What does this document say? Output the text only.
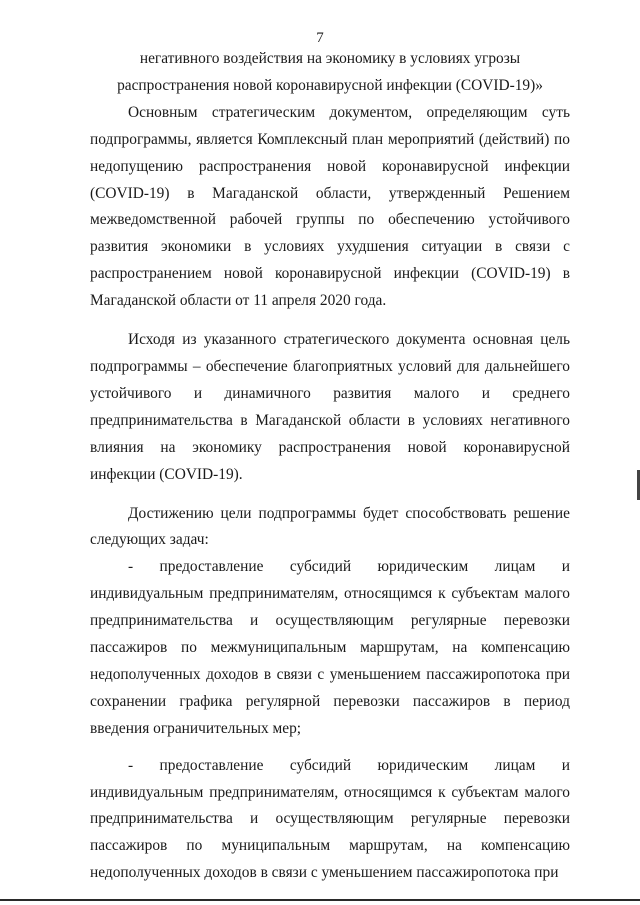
7
негативного воздействия на экономику в условиях угрозы
распространения новой коронавирусной инфекции (COVID-19)»

Основным стратегическим документом, определяющим суть подпрограммы, является Комплексный план мероприятий (действий) по недопущению распространения новой коронавирусной инфекции (COVID-19) в Магаданской области, утвержденный Решением межведомственной рабочей группы по обеспечению устойчивого развития экономики в условиях ухудшения ситуации в связи с распространением новой коронавирусной инфекции (COVID-19) в Магаданской области от 11 апреля 2020 года.

Исходя из указанного стратегического документа основная цель подпрограммы – обеспечение благоприятных условий для дальнейшего устойчивого и динамичного развития малого и среднего предпринимательства в Магаданской области в условиях негативного влияния на экономику распространения новой коронавирусной инфекции (COVID-19).

Достижению цели подпрограммы будет способствовать решение следующих задач:

- предоставление субсидий юридическим лицам и индивидуальным предпринимателям, относящимся к субъектам малого предпринимательства и осуществляющим регулярные перевозки пассажиров по межмуниципальным маршрутам, на компенсацию недополученных доходов в связи с уменьшением пассажиропотока при сохранении графика регулярной перевозки пассажиров в период введения ограничительных мер;

- предоставление субсидий юридическим лицам и индивидуальным предпринимателям, относящимся к субъектам малого предпринимательства и осуществляющим регулярные перевозки пассажиров по муниципальным маршрутам, на компенсацию недополученных доходов в связи с уменьшением пассажиропотока при
